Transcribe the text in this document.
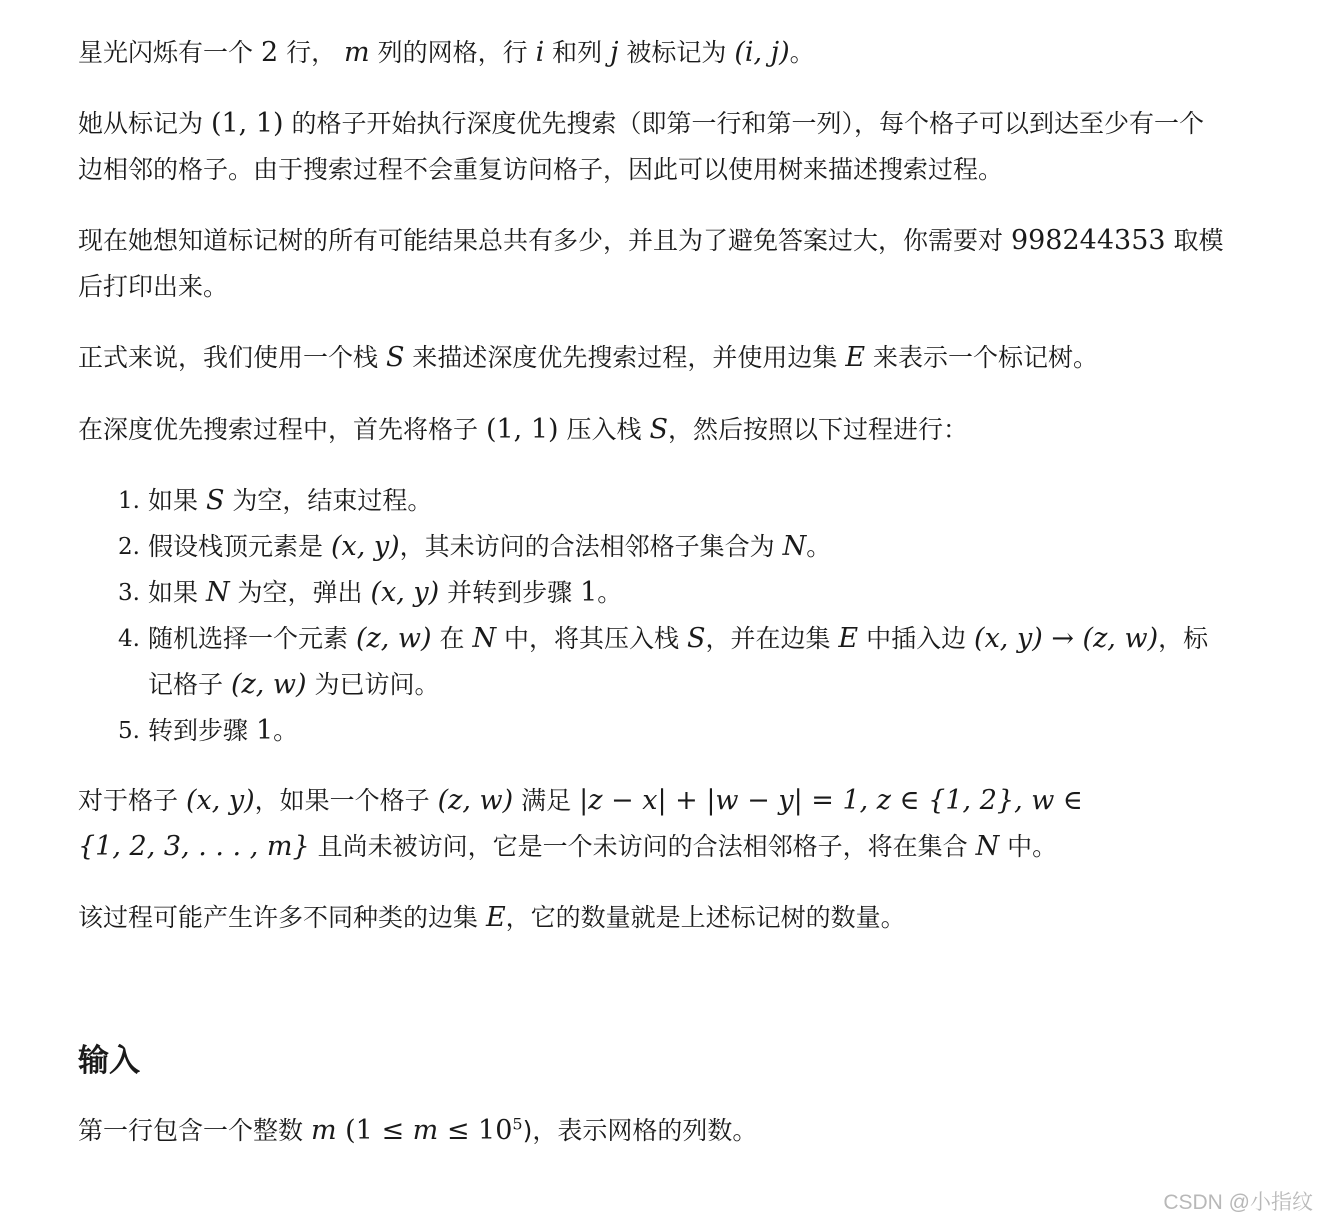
星光闪烁有一个 2 行， m 列的网格，行 i 和列 j 被标记为 (i, j)。
她从标记为 (1, 1) 的格子开始执行深度优先搜索（即第一行和第一列），每个格子可以到达至少有一个
边相邻的格子。由于搜索过程不会重复访问格子，因此可以使用树来描述搜索过程。
现在她想知道标记树的所有可能结果总共有多少，并且为了避免答案过大，你需要对 998244353 取模
后打印出来。
正式来说，我们使用一个栈 S 来描述深度优先搜索过程，并使用边集 E 来表示一个标记树。
在深度优先搜索过程中，首先将格子 (1, 1) 压入栈 S，然后按照以下过程进行：
1. 如果 S 为空，结束过程。
2. 假设栈顶元素是 (x, y)，其未访问的合法相邻格子集合为 N。
3. 如果 N 为空，弹出 (x, y) 并转到步骤 1。
4. 随机选择一个元素 (z, w) 在 N 中，将其压入栈 S，并在边集 E 中插入边 (x, y) → (z, w)，标
记格子 (z, w) 为已访问。
5. 转到步骤 1。
对于格子 (x, y)，如果一个格子 (z, w) 满足 |z − x| + |w − y| = 1, z ∈ {1, 2}, w ∈
{1, 2, 3, . . . , m} 且尚未被访问，它是一个未访问的合法相邻格子，将在集合 N 中。
该过程可能产生许多不同种类的边集 E，它的数量就是上述标记树的数量。
输入
第一行包含一个整数 m $(1 \le m \le 10^5)$，表示网格的列数。
CSDN @小指纹
